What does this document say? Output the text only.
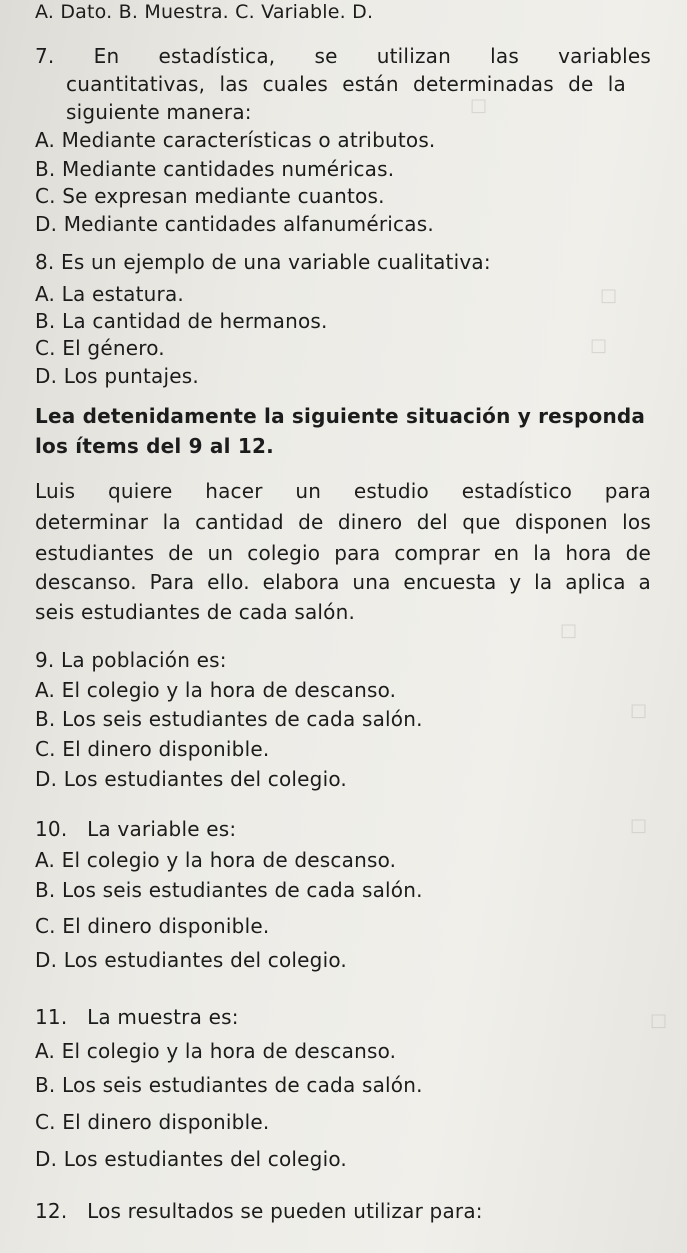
□
□
□
□
□
□
□
A. Dato. B. Muestra. C. Variable. D.
7. En estadística, se utilizan las variables
cuantitativas, las cuales están determinadas de la
siguiente manera:
A. Mediante características o atributos.
B. Mediante cantidades numéricas.
C. Se expresan mediante cuantos.
D. Mediante cantidades alfanuméricas.
8. Es un ejemplo de una variable cualitativa:
A. La estatura.
B. La cantidad de hermanos.
C. El género.
D. Los puntajes.
Lea detenidamente la siguiente situación y responda
los ítems del 9 al 12.
Luis quiere hacer un estudio estadístico para
determinar la cantidad de dinero del que disponen los
estudiantes de un colegio para comprar en la hora de
descanso. Para ello. elabora una encuesta y la aplica a
seis estudiantes de cada salón.
9. La población es:
A. El colegio y la hora de descanso.
B. Los seis estudiantes de cada salón.
C. El dinero disponible.
D. Los estudiantes del colegio.
10.   La variable es:
A. El colegio y la hora de descanso.
B. Los seis estudiantes de cada salón.
C. El dinero disponible.
D. Los estudiantes del colegio.
11.   La muestra es:
A. El colegio y la hora de descanso.
B. Los seis estudiantes de cada salón.
C. El dinero disponible.
D. Los estudiantes del colegio.
12.   Los resultados se pueden utilizar para:
